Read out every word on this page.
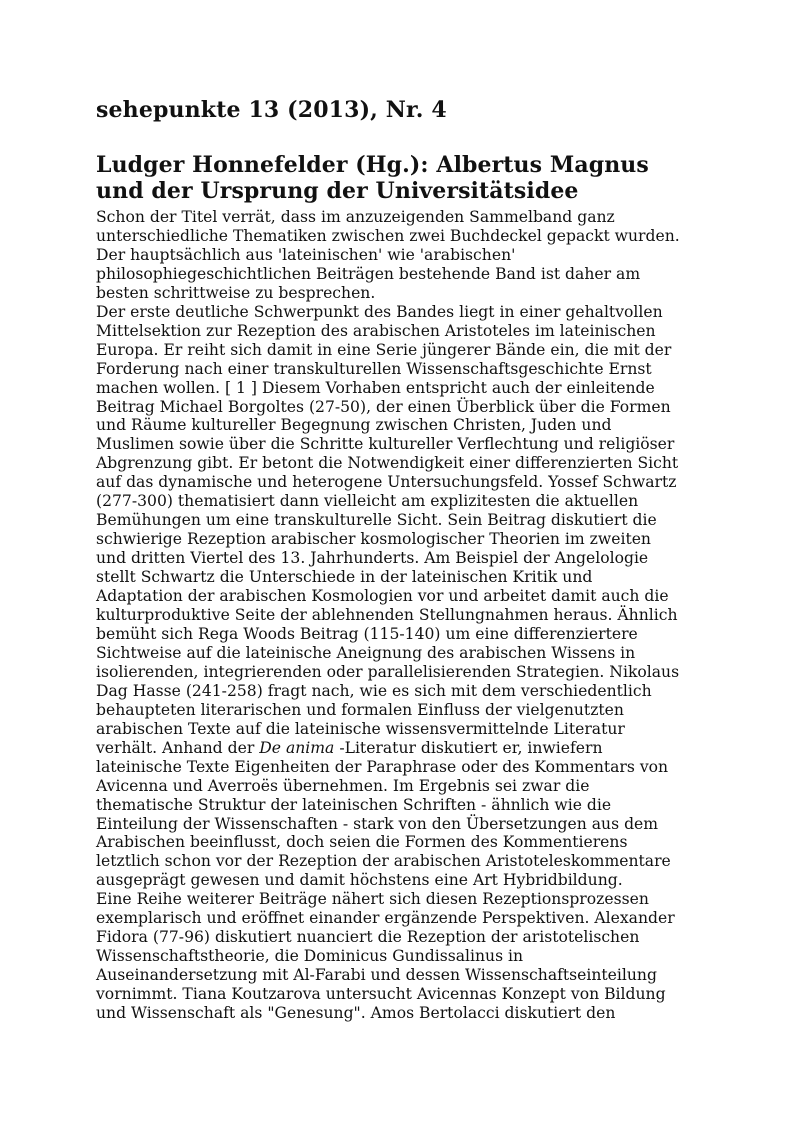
sehepunkte 13 (2013), Nr. 4
Ludger Honnefelder (Hg.): Albertus Magnus
und der Ursprung der Universitätsidee

Schon der Titel verrät, dass im anzuzeigenden Sammelband ganz
unterschiedliche Thematiken zwischen zwei Buchdeckel gepackt wurden.
Der hauptsächlich aus 'lateinischen' wie 'arabischen'
philosophiegeschichtlichen Beiträgen bestehende Band ist daher am
besten schrittweise zu besprechen.

Der erste deutliche Schwerpunkt des Bandes liegt in einer gehaltvollen
Mittelsektion zur Rezeption des arabischen Aristoteles im lateinischen
Europa. Er reiht sich damit in eine Serie jüngerer Bände ein, die mit der
Forderung nach einer transkulturellen Wissenschaftsgeschichte Ernst
machen wollen. [ 1 ] Diesem Vorhaben entspricht auch der einleitende
Beitrag Michael Borgoltes (27-50), der einen Überblick über die Formen
und Räume kultureller Begegnung zwischen Christen, Juden und
Muslimen sowie über die Schritte kultureller Verflechtung und religiöser
Abgrenzung gibt. Er betont die Notwendigkeit einer differenzierten Sicht
auf das dynamische und heterogene Untersuchungsfeld. Yossef Schwartz
(277-300) thematisiert dann vielleicht am explizitesten die aktuellen
Bemühungen um eine transkulturelle Sicht. Sein Beitrag diskutiert die
schwierige Rezeption arabischer kosmologischer Theorien im zweiten
und dritten Viertel des 13. Jahrhunderts. Am Beispiel der Angelologie
stellt Schwartz die Unterschiede in der lateinischen Kritik und
Adaptation der arabischen Kosmologien vor und arbeitet damit auch die
kulturproduktive Seite der ablehnenden Stellungnahmen heraus. Ähnlich
bemüht sich Rega Woods Beitrag (115-140) um eine differenziertere
Sichtweise auf die lateinische Aneignung des arabischen Wissens in
isolierenden, integrierenden oder parallelisierenden Strategien. Nikolaus
Dag Hasse (241-258) fragt nach, wie es sich mit dem verschiedentlich
behaupteten literarischen und formalen Einfluss der vielgenutzten
arabischen Texte auf die lateinische wissensvermittelnde Literatur
verhält. Anhand der De anima -Literatur diskutiert er, inwiefern
lateinische Texte Eigenheiten der Paraphrase oder des Kommentars von
Avicenna und Averroës übernehmen. Im Ergebnis sei zwar die
thematische Struktur der lateinischen Schriften - ähnlich wie die
Einteilung der Wissenschaften - stark von den Übersetzungen aus dem
Arabischen beeinflusst, doch seien die Formen des Kommentierens
letztlich schon vor der Rezeption der arabischen Aristoteleskommentare
ausgeprägt gewesen und damit höchstens eine Art Hybridbildung.

Eine Reihe weiterer Beiträge nähert sich diesen Rezeptionsprozessen
exemplarisch und eröffnet einander ergänzende Perspektiven. Alexander
Fidora (77-96) diskutiert nuanciert die Rezeption der aristotelischen
Wissenschaftstheorie, die Dominicus Gundissalinus in
Auseinandersetzung mit Al-Farabi und dessen Wissenschaftseinteilung
vornimmt. Tiana Koutzarova untersucht Avicennas Konzept von Bildung
und Wissenschaft als "Genesung". Amos Bertolacci diskutiert den
